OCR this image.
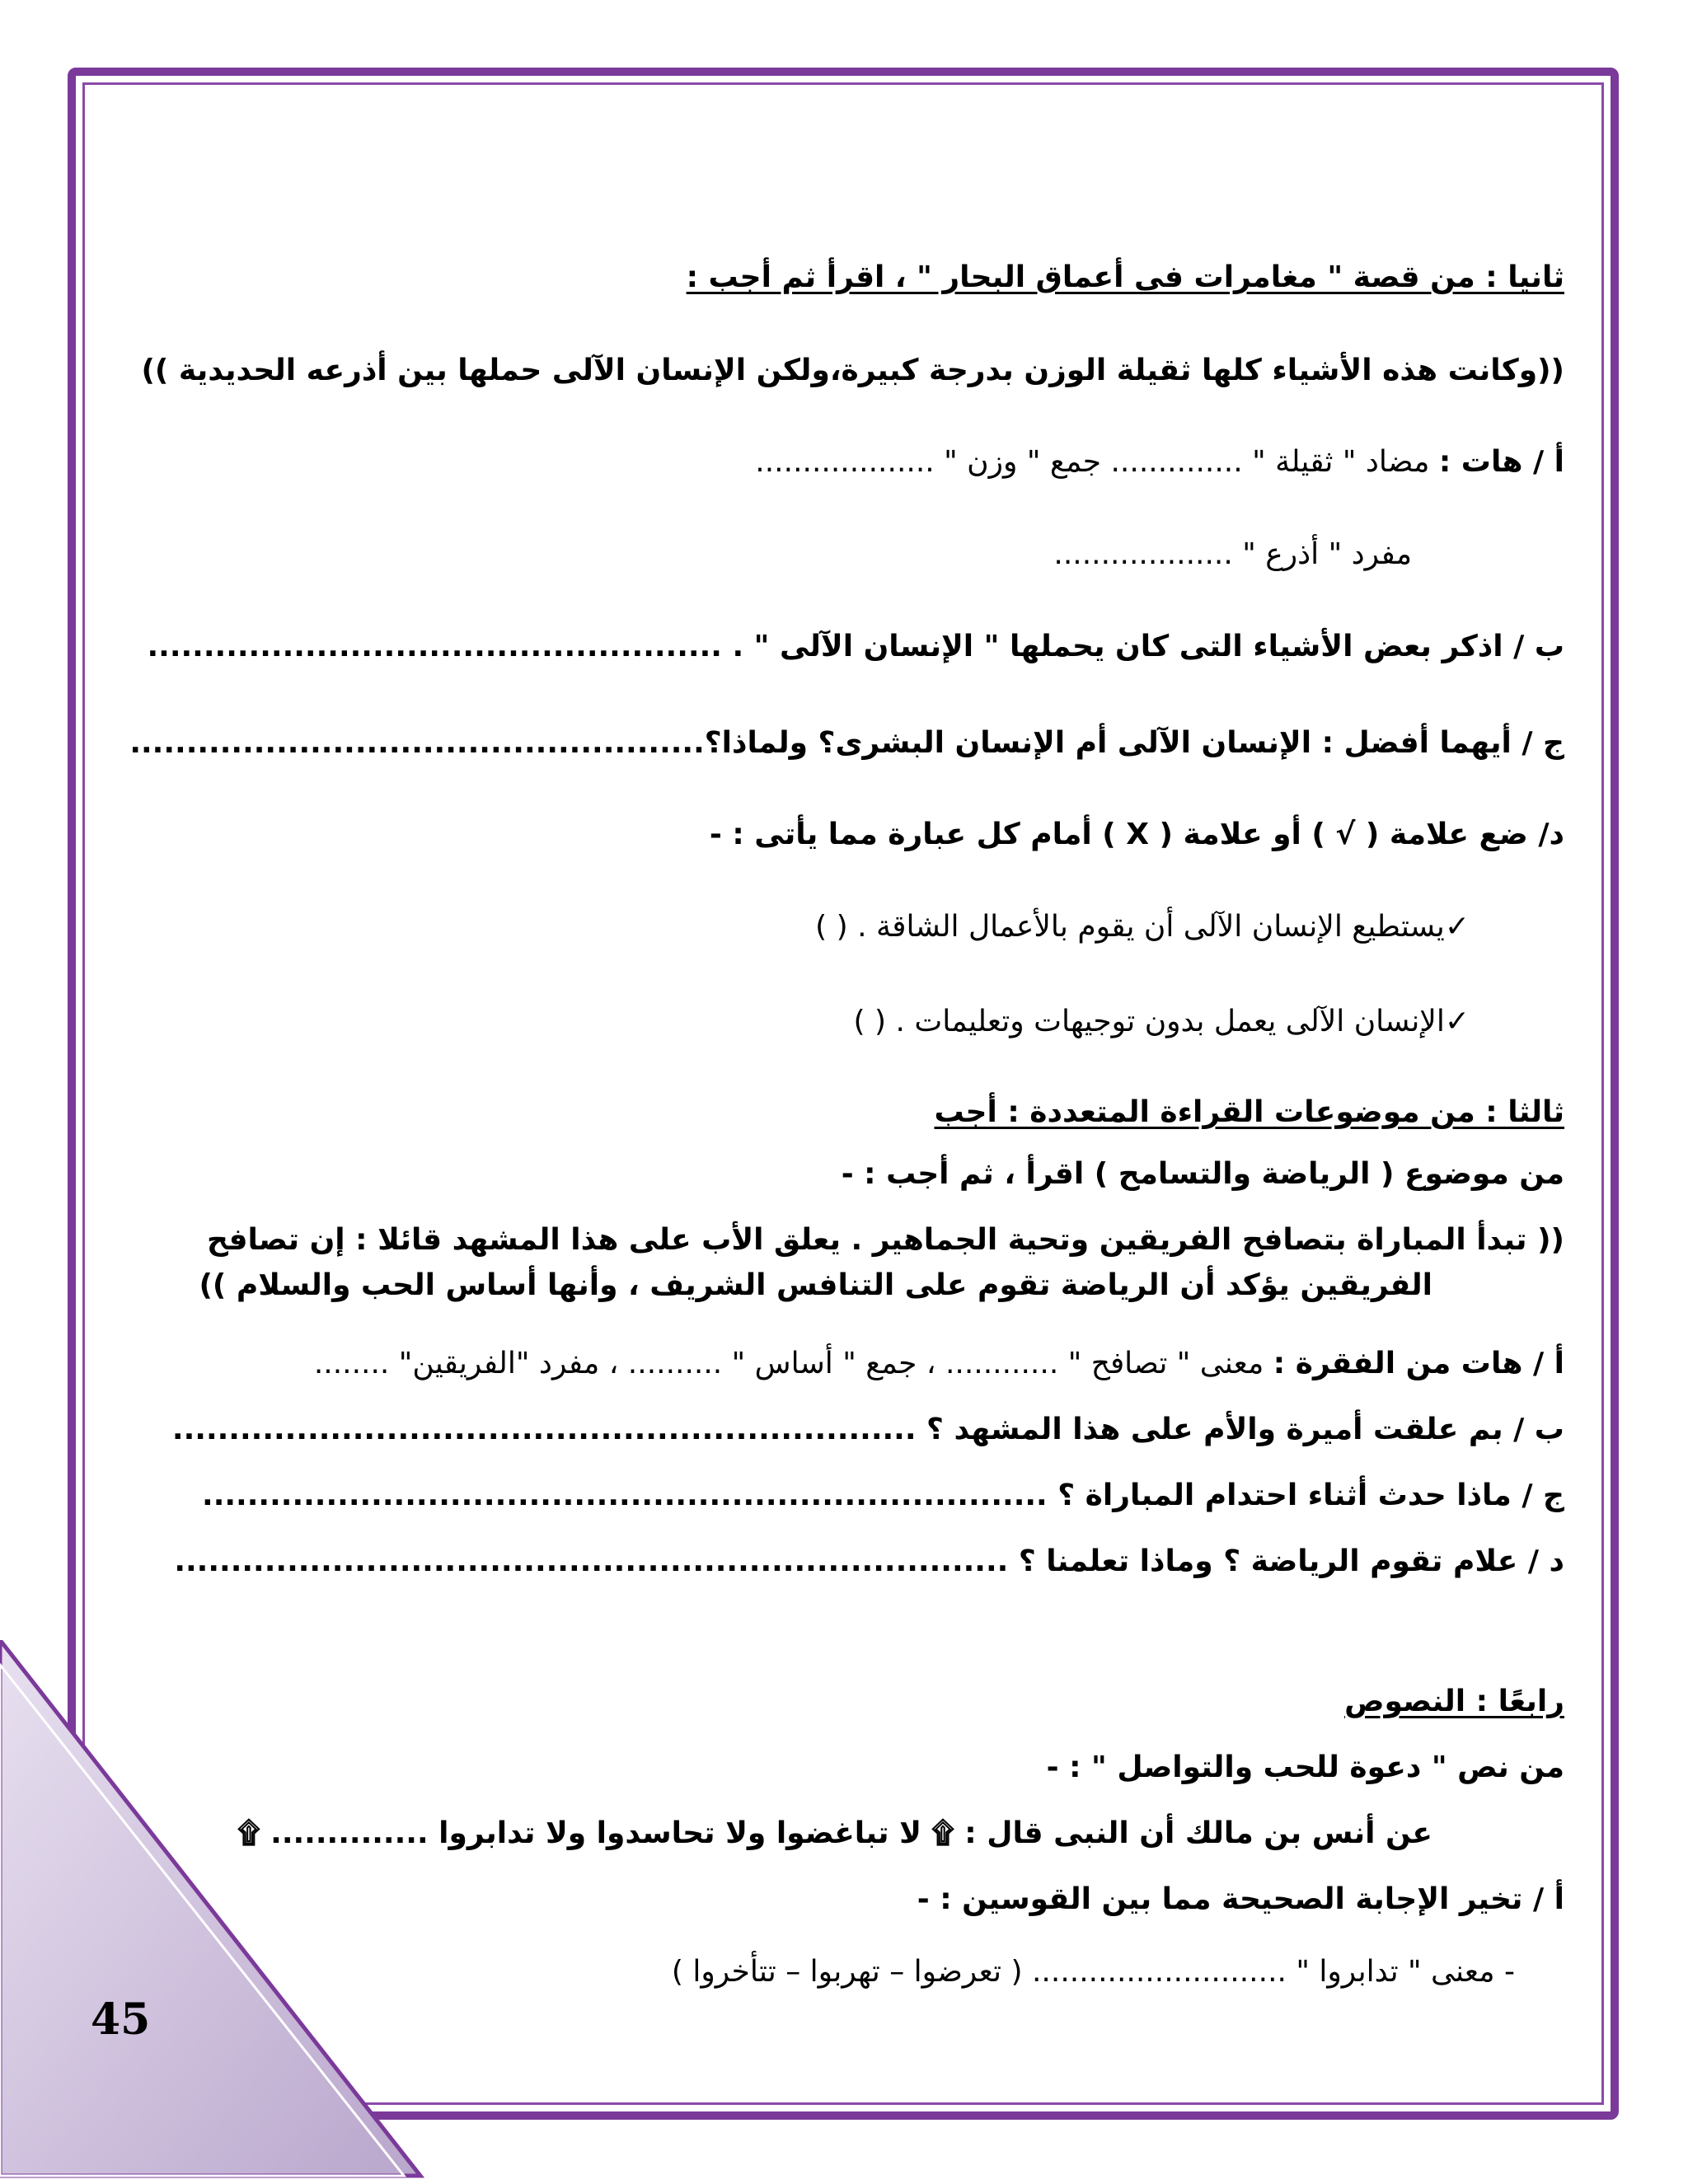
45
ثانيا : من قصة " مغامرات فى أعماق البحار " ، اقرأ ثم أجب :
((وكانت هذه الأشياء كلها ثقيلة الوزن بدرجة كبيرة،ولكن الإنسان الآلى حملها بين أذرعه الحديدية ))
أ / هات : مضاد " ثقيلة " .............. جمع " وزن " ...................
مفرد " أذرع " ...................
ب / اذكر بعض الأشياء التى كان يحملها " الإنسان الآلى " . ...................................................
ج / أيهما أفضل : الإنسان الآلى أم الإنسان البشرى؟ ولماذا؟...................................................
د/ ضع علامة ( √ ) أو علامة ( X ) أمام كل عبارة مما يأتى : -
✓يستطيع الإنسان الآلى أن يقوم بالأعمال الشاقة . ( )
✓الإنسان الآلى يعمل بدون توجيهات وتعليمات . ( )
ثالثا : من موضوعات القراءة المتعددة : أجب
من موضوع ( الرياضة والتسامح ) اقرأ ، ثم أجب : -
(( تبدأ المباراة بتصافح الفريقين وتحية الجماهير . يعلق الأب على هذا المشهد قائلا : إن تصافح
الفريقين يؤكد أن الرياضة تقوم على التنافس الشريف ، وأنها أساس الحب والسلام ))
أ / هات من الفقرة : معنى " تصافح " ............ ، جمع " أساس " .......... ، مفرد "الفريقين" ........
ب / بم علقت أميرة والأم على هذا المشهد ؟ ..................................................................
ج / ماذا حدث أثناء احتدام المباراة ؟ ...........................................................................
د / علام تقوم الرياضة ؟ وماذا تعلمنا ؟ ..........................................................................
رابعًا : النصوص
من نص " دعوة للحب والتواصل " : -
عن أنس بن مالك أن النبى قال : ۩ لا تباغضوا ولا تحاسدوا ولا تدابروا .............. ۩
أ / تخير الإجابة الصحيحة مما بين القوسين : -
- معنى " تدابروا " ........................... ( تعرضوا – تهربوا – تتأخروا )
